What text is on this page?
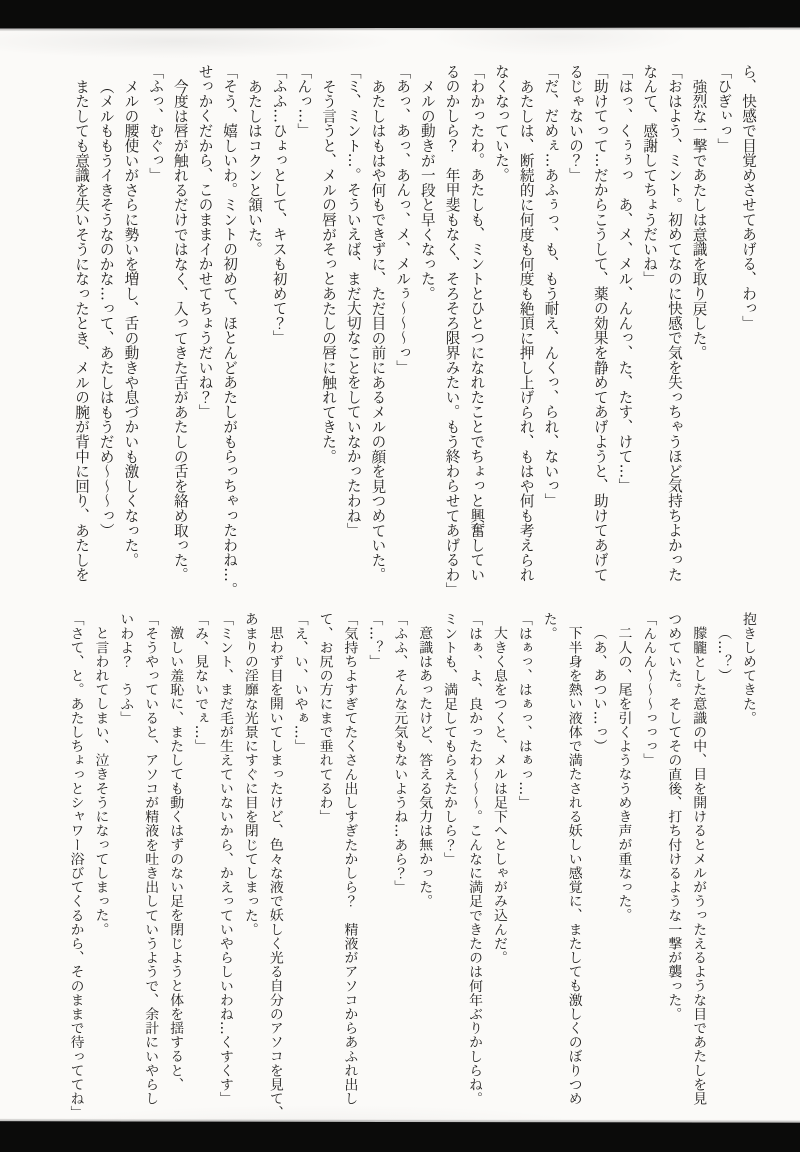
ら、快感で目覚めさせてあげる、わっ」

「ひぎぃっ」

強烈な一撃であたしは意識を取り戻した。

「おはよう、ミント。初めてなのに快感で気を失っちゃうほど気持ちよかった

なんて、感謝してちょうだいね」

「はっ、くぅぅっ　あ、メ、メル、んんっ、た、たす、けて…」

「助けてって…だからこうして、薬の効果を静めてあげようと、助けてあげて

るじゃないの？」

「だ、だめぇ…あふぅっ、も、もう耐え、んくっ、られ、ないっ」

あたしは、断続的に何度も何度も絶頂に押し上げられ、もはや何も考えられ

なくなっていた。

「わかったわ。あたしも、ミントとひとつになれたことでちょっと興奮してい

るのかしら？　年甲斐もなく、そろそろ限界みたい。もう終わらせてあげるわ」

メルの動きが一段と早くなった。

「あっ、あっ、あんっ、メ、メルぅ～～～っ」

あたしはもはや何もできずに、ただ目の前にあるメルの顔を見つめていた。

「ミ、ミント…。そういえば、まだ大切なことをしていなかったわね」

そう言うと、メルの唇がそっとあたしの唇に触れてきた。

「んっ…」

「ふふ…ひょっとして、キスも初めて？」

あたしはコクンと頷いた。

「そう、嬉しいわ。ミントの初めて、ほとんどあたしがもらっちゃったわね…。

せっかくだから、このままイかせてちょうだいね？」

今度は唇が触れるだけではなく、入ってきた舌があたしの舌を絡め取った。

「ふっ、むぐっ」

メルの腰使いがさらに勢いを増し、舌の動きや息づかいも激しくなった。

（メルももうイきそうなのかな…って、あたしはもうだめ～～～っ）

またしても意識を失いそうになったとき、メルの腕が背中に回り、あたしを

抱きしめてきた。

（…？）

朦朧とした意識の中、目を開けるとメルがうったえるような目であたしを見

つめていた。そしてその直後、打ち付けるような一撃が襲った。

「んんん～～～っっっ」

二人の、尾を引くようなうめき声が重なった。

（あ、あつい…っ）

下半身を熱い液体で満たされる妖しい感覚に、またしても激しくのぼりつめ

た。

「はぁっ、はぁっ、はぁっ…」

大きく息をつくと、メルは足下へとしゃがみ込んだ。

「はぁ、よ、良かったわ～～～。こんなに満足できたのは何年ぶりかしらね。

ミントも、満足してもらえたかしら？」

意識はあったけど、答える気力は無かった。

「ふふ、そんな元気もないようね…あら？」

「…？」

「気持ちよすぎてたくさん出しすぎたかしら？　精液がアソコからあふれ出し

て、お尻の方にまで垂れてるわ」

「え、い、いやぁ…」

思わず目を開いてしまったけど、色々な液で妖しく光る自分のアソコを見て、

あまりの淫靡な光景にすぐに目を閉じてしまった。

「ミント、まだ毛が生えていないから、かえっていやらしいわね…くすくす」

「み、見ないでぇ…」

激しい羞恥に、またしても動くはずのない足を閉じようと体を揺すると、

「そうやっていると、アソコが精液を吐き出していうようで、余計にいやらし

いわよ？　うふ」

と言われてしまい、泣きそうになってしまった。

「さて、と。あたしちょっとシャワー浴びてくるから、そのままで待っててね」
